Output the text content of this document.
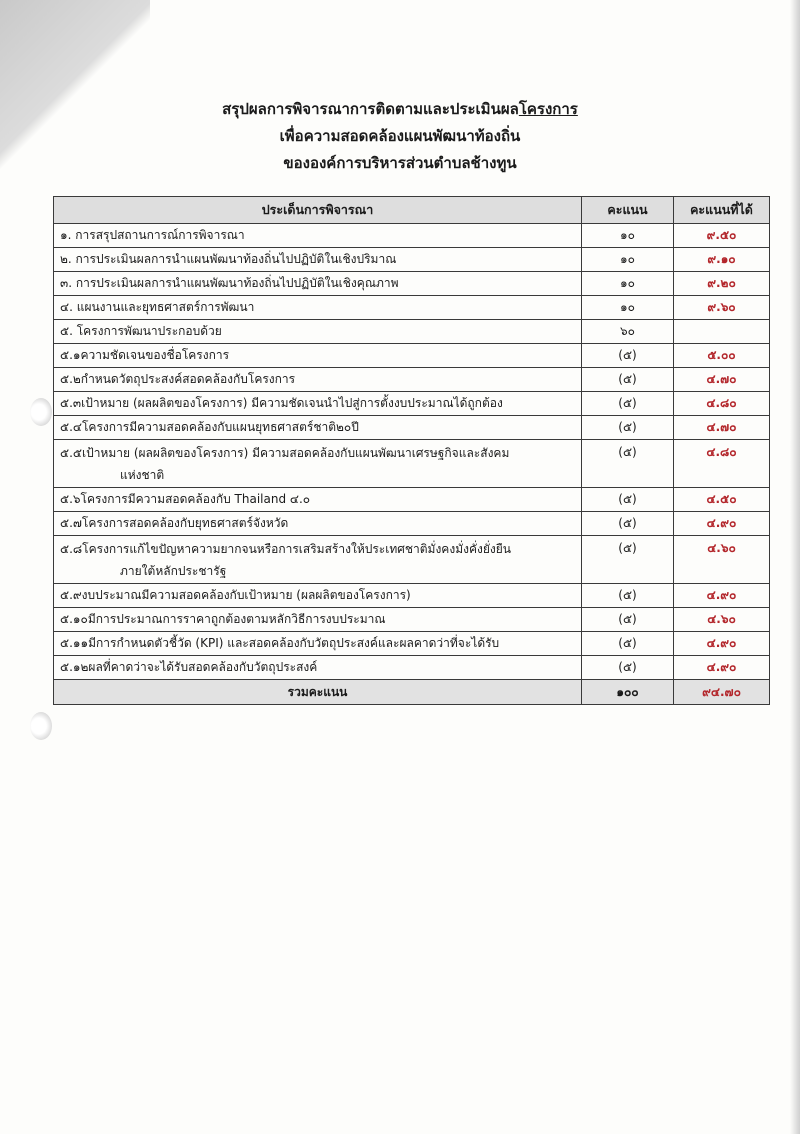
สรุปผลการพิจารณาการติดตามและประเมินผลโครงการ
เพื่อความสอดคล้องแผนพัฒนาท้องถิ่น
ขององค์การบริหารส่วนตำบลช้างทูน
ประเด็นการพิจารณา	คะแนน	คะแนนที่ได้
๑. การสรุปสถานการณ์การพิจารณา	๑๐	๙.๕๐
๒. การประเมินผลการนำแผนพัฒนาท้องถิ่นไปปฏิบัติในเชิงปริมาณ	๑๐	๙.๑๐
๓. การประเมินผลการนำแผนพัฒนาท้องถิ่นไปปฏิบัติในเชิงคุณภาพ	๑๐	๙.๒๐
๔. แผนงานและยุทธศาสตร์การพัฒนา	๑๐	๙.๖๐
๕. โครงการพัฒนาประกอบด้วย	๖๐	

๕.๑ความชัดเจนของชื่อโครงการ	(๕)	๕.๐๐

๕.๒กำหนดวัตถุประสงค์สอดคล้องกับโครงการ	(๕)	๔.๗๐

๕.๓เป้าหมาย (ผลผลิตของโครงการ) มีความชัดเจนนำไปสู่การตั้งงบประมาณได้ถูกต้อง	(๕)	๔.๘๐

๕.๔โครงการมีความสอดคล้องกับแผนยุทธศาสตร์ชาติ๒๐ปี	(๕)	๔.๗๐

๕.๕เป้าหมาย (ผลผลิตของโครงการ) มีความสอดคล้องกับแผนพัฒนาเศรษฐกิจและสังคม
แห่งชาติ	(๕)	๔.๘๐

๕.๖โครงการมีความสอดคล้องกับ Thailand ๔.๐	(๕)	๔.๕๐

๕.๗โครงการสอดคล้องกับยุทธศาสตร์จังหวัด	(๕)	๔.๙๐

๕.๘โครงการแก้ไขปัญหาความยากจนหรือการเสริมสร้างให้ประเทศชาติมั่งคงมั่งคั่งยั่งยืน
ภายใต้หลักประชารัฐ	(๕)	๔.๖๐

๕.๙งบประมาณมีความสอดคล้องกับเป้าหมาย (ผลผลิตของโครงการ)	(๕)	๔.๙๐

๕.๑๐มีการประมาณการราคาถูกต้องตามหลักวิธีการงบประมาณ	(๕)	๔.๖๐

๕.๑๑มีการกำหนดตัวชี้วัด (KPI) และสอดคล้องกับวัตถุประสงค์และผลคาดว่าที่จะได้รับ	(๕)	๔.๙๐

๕.๑๒ผลที่คาดว่าจะได้รับสอดคล้องกับวัตถุประสงค์	(๕)	๔.๙๐
รวมคะแนน	๑๐๐	๙๔.๗๐
